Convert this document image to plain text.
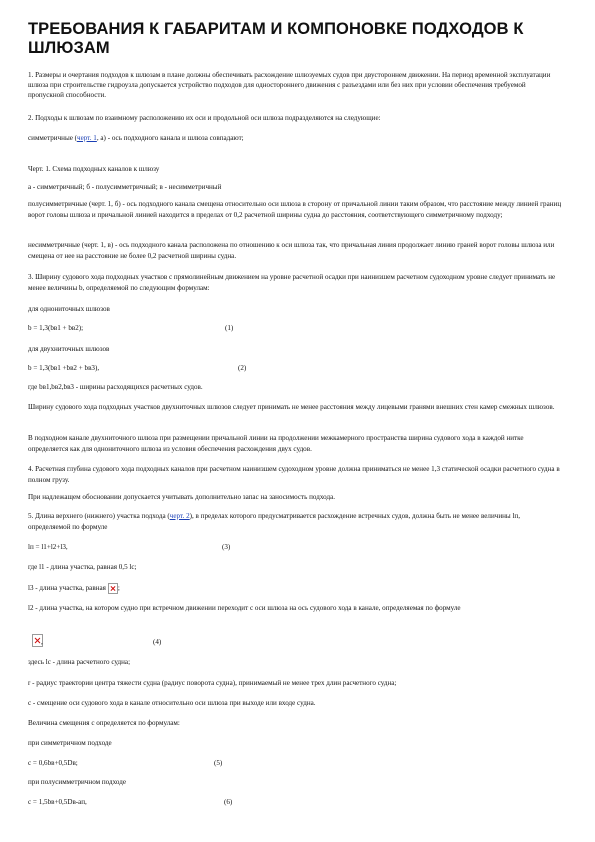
ТРЕБОВАНИЯ К ГАБАРИТАМ И КОМПОНОВКЕ ПОДХОДОВ К ШЛЮЗАМ

1. Размеры и очертания подходов к шлюзам в плане должны обеспечивать расхождение шлюзуемых судов при двустороннем движении. На период временной эксплуатации шлюза при строительстве гидроузла допускается устройство подходов для одностороннего движения с разъездами или без них при условии обеспечения требуемой пропускной способности.

2. Подходы к шлюзам по взаимному расположению их оси и продольной оси шлюза подразделяются на следующие:

симметричные (черт. 1, а) - ось подходного канала и шлюза совпадают;

Черт. 1. Схема подходных каналов к шлюзу

а - симметричный; б - полусимметричный; в - несимметричный

полусимметричные (черт. 1, б) - ось подходного канала смещена относительно оси шлюза в сторону от причальной линии таким образом, что расстояние между линией границ ворот головы шлюза и причальной линией находится в пределах от 0,2 расчетной ширины судна до расстояния, соответствующего симметричному подходу;

несимметричные (черт. 1, в) - ось подходного канала расположена по отношению к оси шлюза так, что причальная линия продолжает линию граней ворот головы шлюза или смещена от нее на расстояние не более 0,2 расчетной ширины судна.

3. Ширину судового хода подходных участков с прямолинейным движением на уровне расчетной осадки при наинизшем расчетном судоходном уровне следует принимать не менее величины b, определяемой по следующим формулам:

для однониточных шлюзов

b = 1,3(bв1 + bв2);	(1)

для двухниточных шлюзов

b = 1,3(bв1 +bв2 + bв3),	(2)

где bв1,bв2,bв3 - ширины расходящихся расчетных судов.

Ширину судового хода подходных участков двухниточных шлюзов следует принимать не менее расстояния между лицевыми гранями внешних стен камер смежных шлюзов.

В подходном канале двухниточного шлюза при размещении причальной линии на продолжении межкамерного пространства ширина судового хода в каждой нитке определяется как для однониточного шлюза из условия обеспечения расхождения двух судов.

4. Расчетная глубина судового хода подходных каналов при расчетном наинизшем судоходном уровне должна приниматься не менее 1,3 статической осадки расчетного судна в полном грузу.

При надлежащем обосновании допускается учитывать дополнительно запас на заносимость подхода.

5. Длина верхнего (нижнего) участка подхода (черт. 2), в пределах которого предусматривается расхождение встречных судов, должна быть не менее величины lп, определяемой по формуле

lп = l1+l2+l3,	(3)

где l1 - длина участка, равная 0,5 lс;

l3 - длина участка, равная ;

l2 - длина участка, на котором судно при встречном движении переходит с оси шлюза на ось судового хода в канале, определяемая по формуле

,	(4)

здесь lс - длина расчетного судна;

r - радиус траектории центра тяжести судна (радиус поворота судна), принимаемый не менее трех длин расчетного судна;

c - смещение оси судового хода в канале относительно оси шлюза при выходе или входе судна.

Величина смещения c определяется по формулам:

при симметричном подходе

c = 0,6bв+0,5Dв;	(5)

при полусимметричном подходе

c = 1,5bв+0,5Dв-ап,	(6)
